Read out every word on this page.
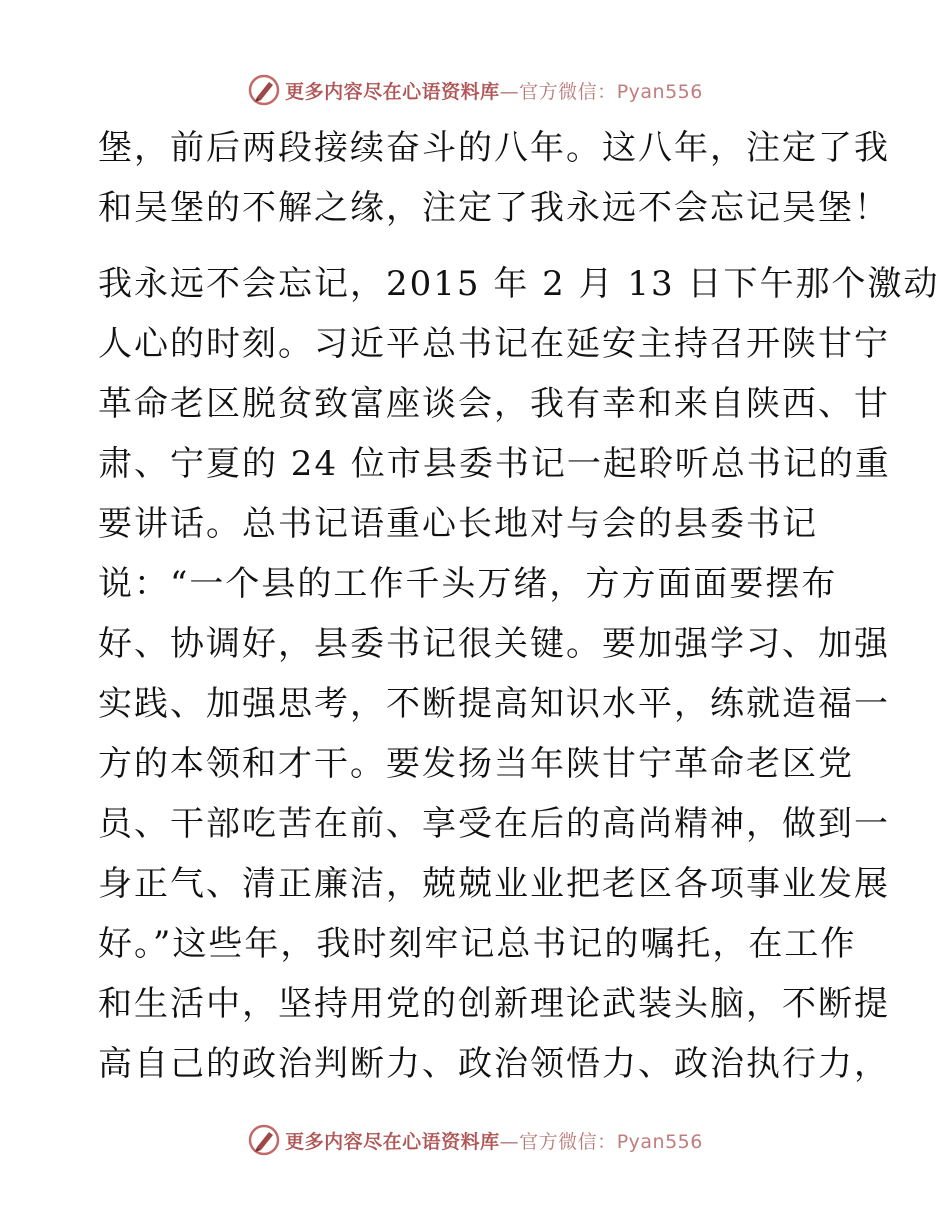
更多内容尽在心语资料库—官方微信：Pyan556
堡，前后两段接续奋斗的八年。这八年，注定了我
和吴堡的不解之缘，注定了我永远不会忘记吴堡！
我永远不会忘记，2015 年 2 月 13 日下午那个激动
人心的时刻。习近平总书记在延安主持召开陕甘宁
革命老区脱贫致富座谈会，我有幸和来自陕西、甘
肃、宁夏的 24 位市县委书记一起聆听总书记的重
要讲话。总书记语重心长地对与会的县委书记
说：“一个县的工作千头万绪，方方面面要摆布
好、协调好，县委书记很关键。要加强学习、加强
实践、加强思考，不断提高知识水平，练就造福一
方的本领和才干。要发扬当年陕甘宁革命老区党
员、干部吃苦在前、享受在后的高尚精神，做到一
身正气、清正廉洁，兢兢业业把老区各项事业发展
好。”这些年，我时刻牢记总书记的嘱托，在工作
和生活中，坚持用党的创新理论武装头脑，不断提
高自己的政治判断力、政治领悟力、政治执行力，
更多内容尽在心语资料库—官方微信：Pyan556
